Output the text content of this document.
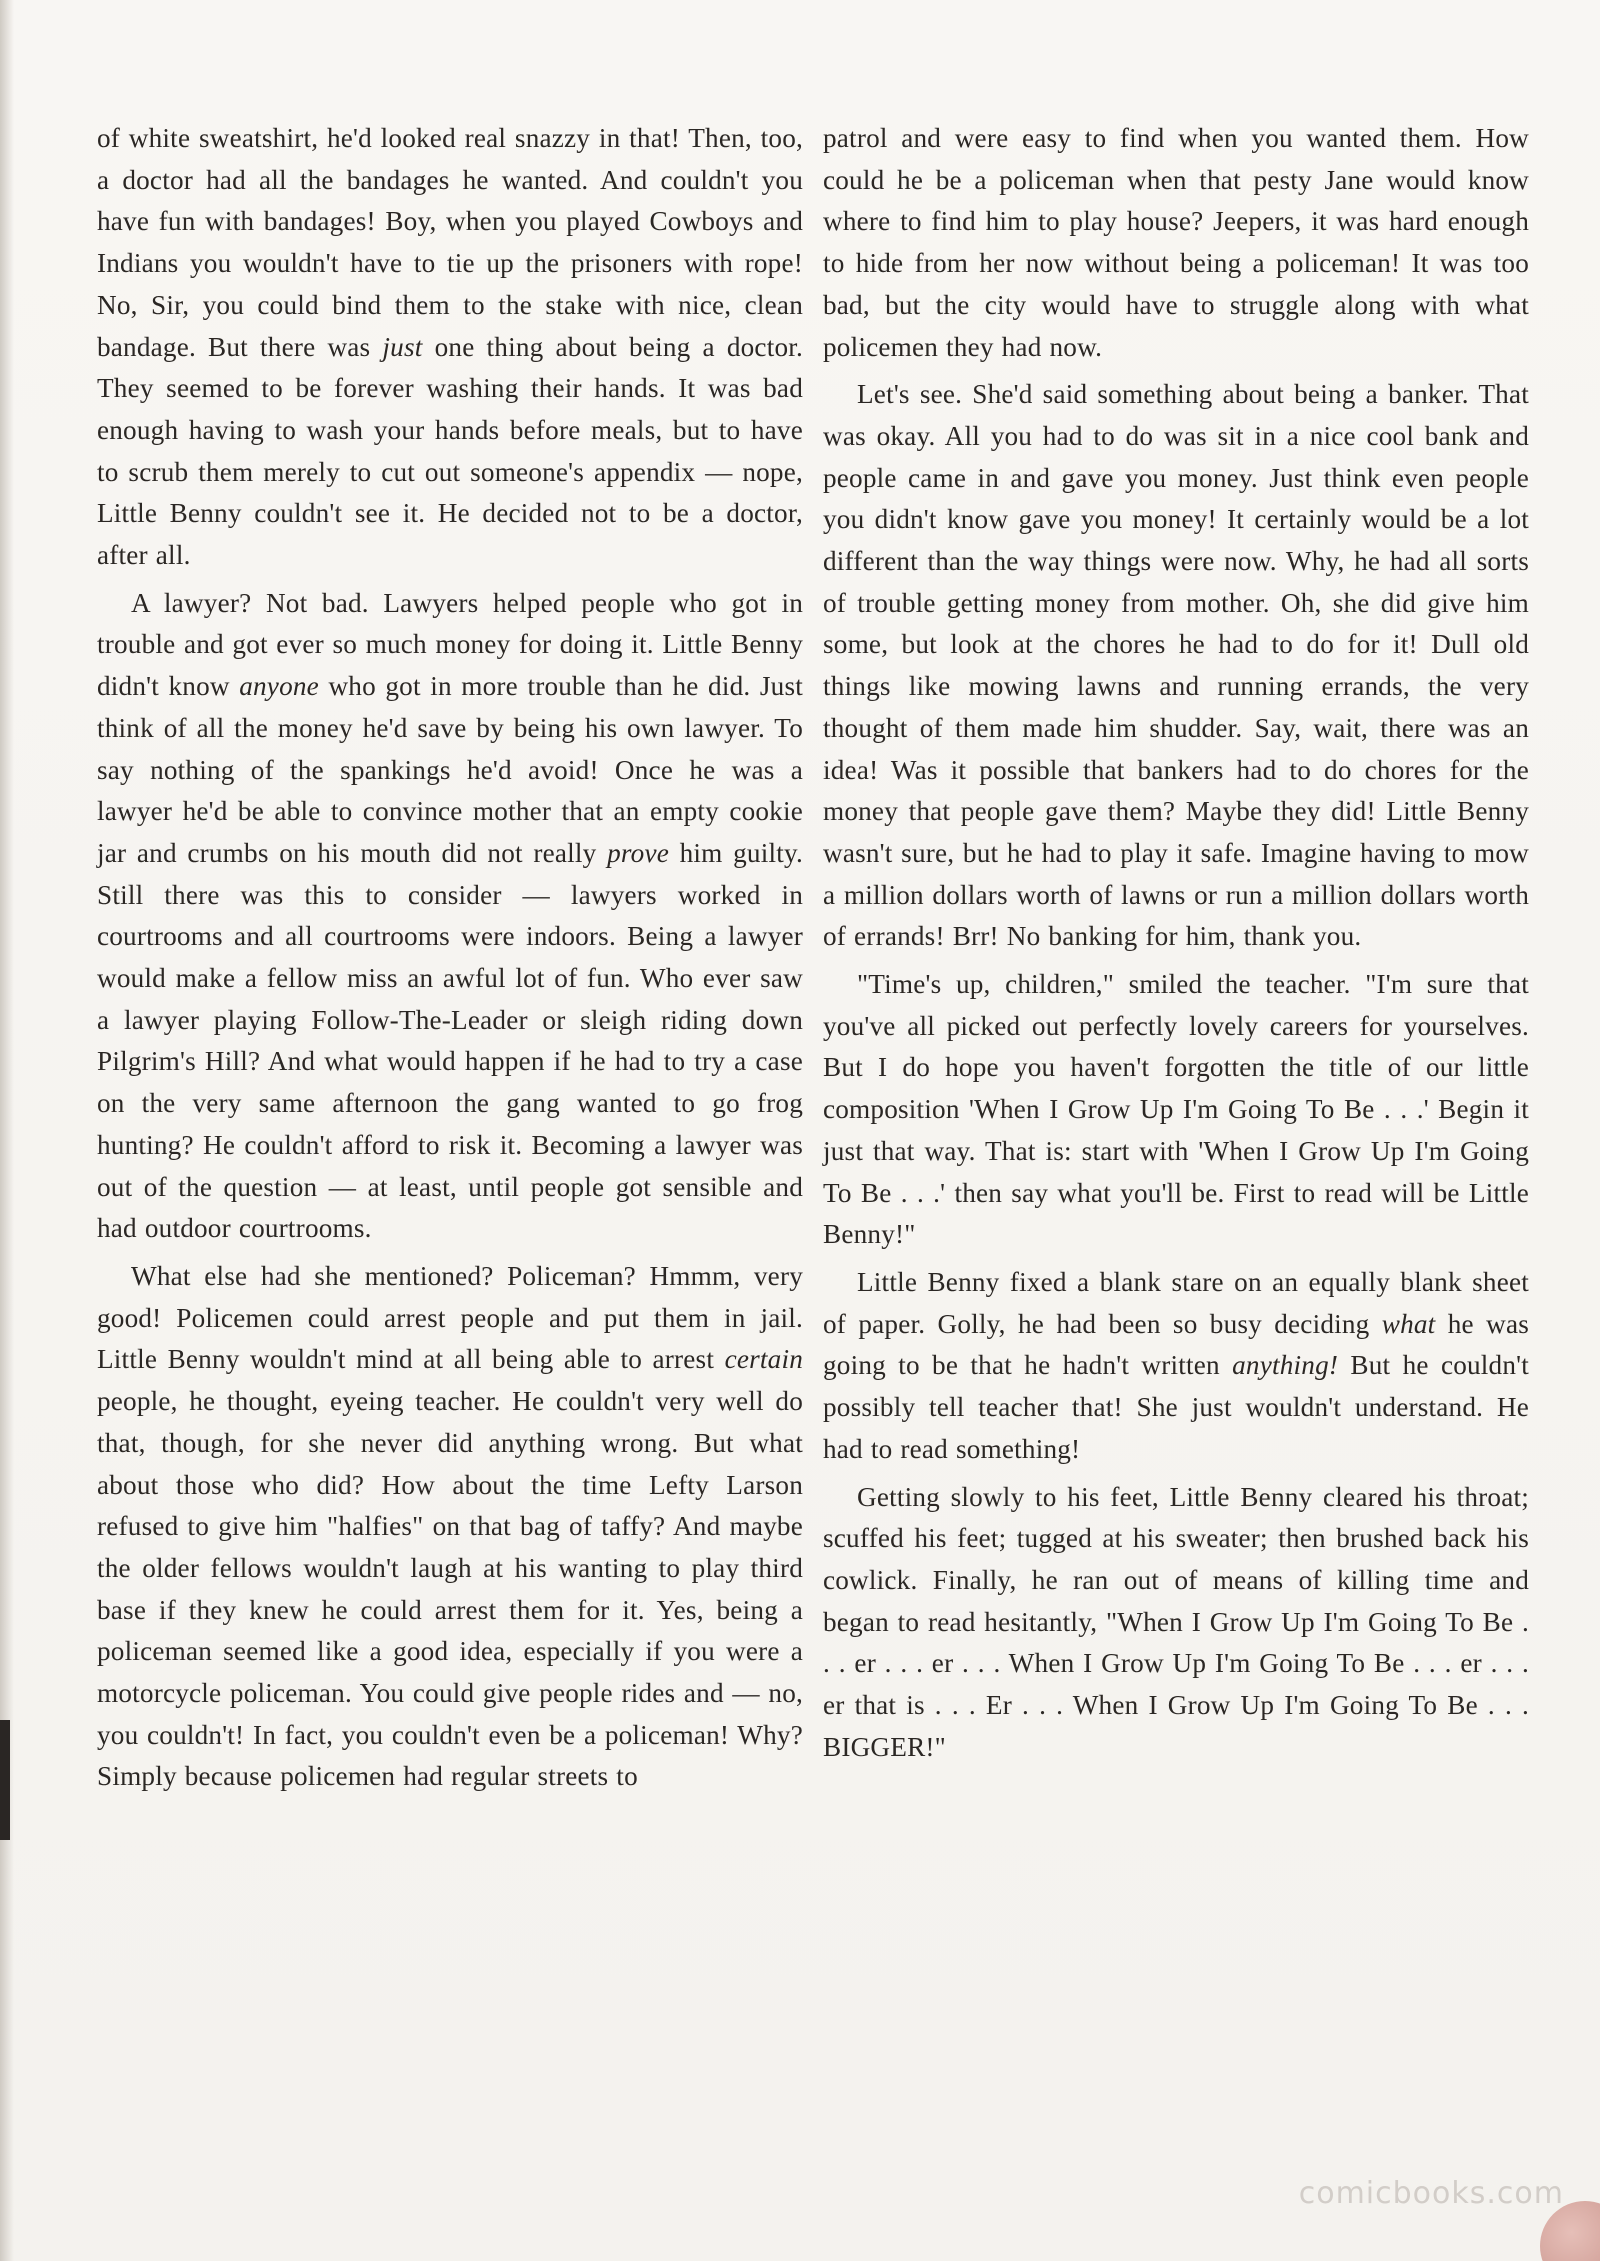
of white sweatshirt, he'd looked real snazzy in that! Then, too, a doctor had all the bandages he wanted. And couldn't you have fun with bandages! Boy, when you played Cowboys and Indians you wouldn't have to tie up the prisoners with rope! No, Sir, you could bind them to the stake with nice, clean bandage. But there was just one thing about being a doctor. They seemed to be forever washing their hands. It was bad enough having to wash your hands before meals, but to have to scrub them merely to cut out someone's appendix — nope, Little Benny couldn't see it. He decided not to be a doctor, after all.

A lawyer? Not bad. Lawyers helped people who got in trouble and got ever so much money for doing it. Little Benny didn't know anyone who got in more trouble than he did. Just think of all the money he'd save by being his own lawyer. To say nothing of the spankings he'd avoid! Once he was a lawyer he'd be able to convince mother that an empty cookie jar and crumbs on his mouth did not really prove him guilty. Still there was this to consider — lawyers worked in courtrooms and all courtrooms were indoors. Being a lawyer would make a fellow miss an awful lot of fun. Who ever saw a lawyer playing Follow-The-Leader or sleigh riding down Pilgrim's Hill? And what would happen if he had to try a case on the very same afternoon the gang wanted to go frog hunting? He couldn't afford to risk it. Becoming a lawyer was out of the question — at least, until people got sensible and had outdoor courtrooms.

What else had she mentioned? Policeman? Hmmm, very good! Policemen could arrest people and put them in jail. Little Benny wouldn't mind at all being able to arrest certain people, he thought, eyeing teacher. He couldn't very well do that, though, for she never did anything wrong. But what about those who did? How about the time Lefty Larson refused to give him "halfies" on that bag of taffy? And maybe the older fellows wouldn't laugh at his wanting to play third base if they knew he could arrest them for it. Yes, being a policeman seemed like a good idea, especially if you were a motorcycle policeman. You could give people rides and — no, you couldn't! In fact, you couldn't even be a policeman! Why? Simply because policemen had regular streets to

patrol and were easy to find when you wanted them. How could he be a policeman when that pesty Jane would know where to find him to play house? Jeepers, it was hard enough to hide from her now without being a policeman! It was too bad, but the city would have to struggle along with what policemen they had now.

Let's see. She'd said something about being a banker. That was okay. All you had to do was sit in a nice cool bank and people came in and gave you money. Just think even people you didn't know gave you money! It certainly would be a lot different than the way things were now. Why, he had all sorts of trouble getting money from mother. Oh, she did give him some, but look at the chores he had to do for it! Dull old things like mowing lawns and running errands, the very thought of them made him shudder. Say, wait, there was an idea! Was it possible that bankers had to do chores for the money that people gave them? Maybe they did! Little Benny wasn't sure, but he had to play it safe. Imagine having to mow a million dollars worth of lawns or run a million dollars worth of errands! Brr! No banking for him, thank you.

"Time's up, children," smiled the teacher. "I'm sure that you've all picked out perfectly lovely careers for yourselves. But I do hope you haven't forgotten the title of our little composition 'When I Grow Up I'm Going To Be . . .' Begin it just that way. That is: start with 'When I Grow Up I'm Going To Be . . .' then say what you'll be. First to read will be Little Benny!"

Little Benny fixed a blank stare on an equally blank sheet of paper. Golly, he had been so busy deciding what he was going to be that he hadn't written anything! But he couldn't possibly tell teacher that! She just wouldn't understand. He had to read something!

Getting slowly to his feet, Little Benny cleared his throat; scuffed his feet; tugged at his sweater; then brushed back his cowlick. Finally, he ran out of means of killing time and began to read hesitantly, "When I Grow Up I'm Going To Be . . . er . . . er . . . When I Grow Up I'm Going To Be . . . er . . . er that is . . . Er . . . When I Grow Up I'm Going To Be . . . BIGGER!"

comicbooks.com
